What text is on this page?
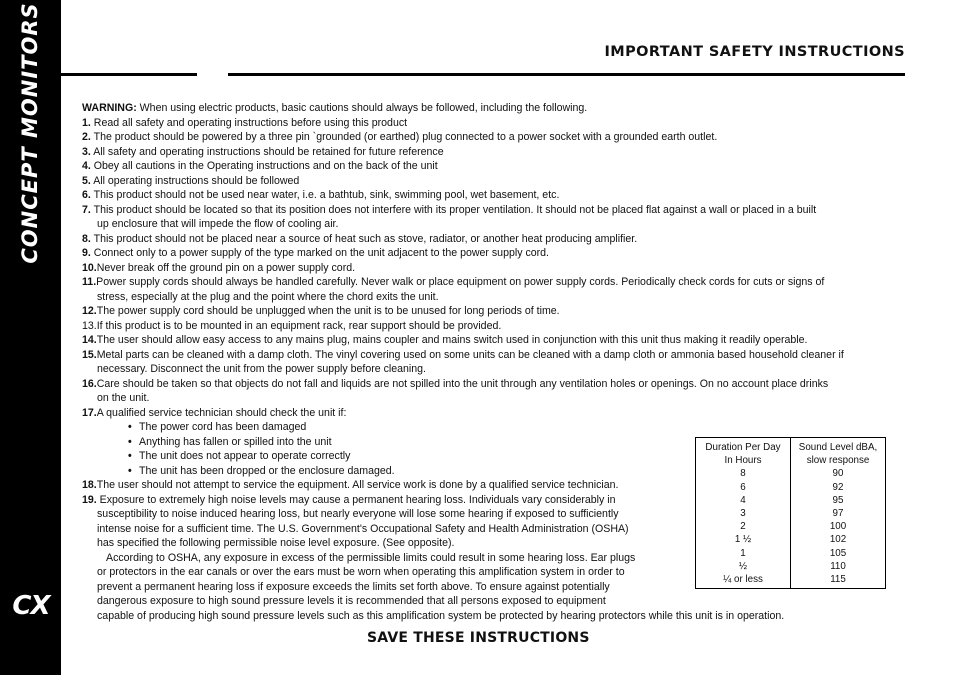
CONCEPT MONITORS
CX
IMPORTANT SAFETY INSTRUCTIONS
WARNING: When using electric products, basic cautions should always be followed, including the following.
1. Read all safety and operating instructions before using this product
2. The product should be powered by a three pin `grounded (or earthed) plug connected to a power socket with a grounded earth outlet.
3. All safety and operating instructions should be retained for future reference
4. Obey all cautions in the Operating instructions and on the back of the unit
5. All operating instructions should be followed
6. This product should not be used near water, i.e. a bathtub, sink, swimming pool, wet basement, etc.
7. This product should be located so that its position does not interfere with its proper ventilation. It should not be placed flat against a wall or placed in a built
up enclosure that will impede the flow of cooling air.
8. This product should not be placed near a source of heat such as stove, radiator, or another heat producing amplifier.
9. Connect only to a power supply of the type marked on the unit adjacent to the power supply cord.
10.Never break off the ground pin on a power supply cord.
11.Power supply cords should always be handled carefully. Never walk or place equipment on power supply cords. Periodically check cords for cuts or signs of
stress, especially at the plug and the point where the chord exits the unit.
12.The power supply cord should be unplugged when the unit is to be unused for long periods of time.
13.If this product is to be mounted in an equipment rack, rear support should be provided.
14.The user should allow easy access to any mains plug, mains coupler and mains switch used in conjunction with this unit thus making it readily operable.
15.Metal parts can be cleaned with a damp cloth. The vinyl covering used on some units can be cleaned with a damp cloth or ammonia based household cleaner if
necessary. Disconnect the unit from the power supply before cleaning.
16.Care should be taken so that objects do not fall and liquids are not spilled into the unit through any ventilation holes or openings. On no account place drinks
on the unit.
17.A qualified service technician should check the unit if:
• The power cord has been damaged
• Anything has fallen or spilled into the unit
• The unit does not appear to operate correctly
• The unit has been dropped or the enclosure damaged.
18.The user should not attempt to service the equipment. All service work is done by a qualified service technician.
19. Exposure to extremely high noise levels may cause a permanent hearing loss. Individuals vary considerably in
susceptibility to noise induced hearing loss, but nearly everyone will lose some hearing if exposed to sufficiently
intense noise for a sufficient time. The U.S. Government's Occupational Safety and Health Administration (OSHA)
has specified the following permissible noise level exposure. (See opposite).
According to OSHA, any exposure in excess of the permissible limits could result in some hearing loss. Ear plugs
or protectors in the ear canals or over the ears must be worn when operating this amplification system in order to
prevent a permanent hearing loss if exposure exceeds the limits set forth above. To ensure against potentially
dangerous exposure to high sound pressure levels it is recommended that all persons exposed to equipment
capable of producing high sound pressure levels such as this amplification system be protected by hearing protectors while this unit is in operation.
Duration Per Day
In Hours
8
6
4
3
2
1 ½
1
½
¼ or less
Sound Level dBA,
slow response
90
92
95
97
100
102
105
110
115
SAVE THESE INSTRUCTIONS
